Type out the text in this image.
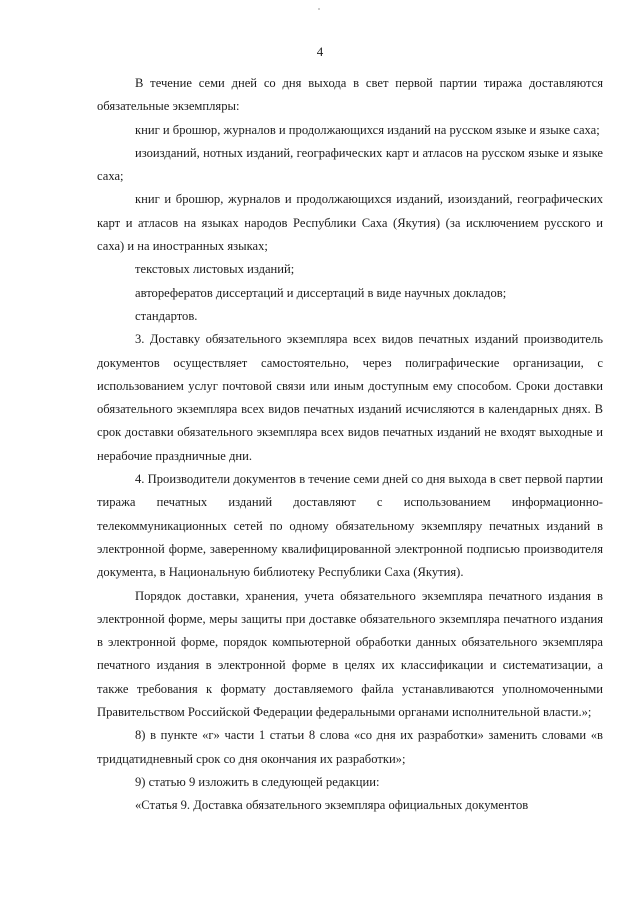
4

В течение семи дней со дня выхода в свет первой партии тиража доставляются обязательные экземпляры:

книг и брошюр, журналов и продолжающихся изданий на русском языке и языке саха;

изоизданий, нотных изданий, географических карт и атласов на русском языке и языке саха;

книг и брошюр, журналов и продолжающихся изданий, изоизданий, географических карт и атласов на языках народов Республики Саха (Якутия) (за исключением русского и саха) и на иностранных языках;

текстовых листовых изданий;

авторефератов диссертаций и диссертаций в виде научных докладов;

стандартов.

3. Доставку обязательного экземпляра всех видов печатных изданий производитель документов осуществляет самостоятельно, через полиграфические организации, с использованием услуг почтовой связи или иным доступным ему способом. Сроки доставки обязательного экземпляра всех видов печатных изданий исчисляются в календарных днях. В срок доставки обязательного экземпляра всех видов печатных изданий не входят выходные и нерабочие праздничные дни.

4. Производители документов в течение семи дней со дня выхода в свет первой партии тиража печатных изданий доставляют с использованием информационно-телекоммуникационных сетей по одному обязательному экземпляру печатных изданий в электронной форме, заверенному квалифицированной электронной подписью производителя документа, в Национальную библиотеку Республики Саха (Якутия).

Порядок доставки, хранения, учета обязательного экземпляра печатного издания в электронной форме, меры защиты при доставке обязательного экземпляра печатного издания в электронной форме, порядок компьютерной обработки данных обязательного экземпляра печатного издания в электронной форме в целях их классификации и систематизации, а также требования к формату доставляемого файла устанавливаются уполномоченными Правительством Российской Федерации федеральными органами исполнительной власти.»;

8) в пункте «г» части 1 статьи 8 слова «со дня их разработки» заменить словами «в тридцатидневный срок со дня окончания их разработки»;

9) статью 9 изложить в следующей редакции:

«Статья 9. Доставка обязательного экземпляра официальных документов
